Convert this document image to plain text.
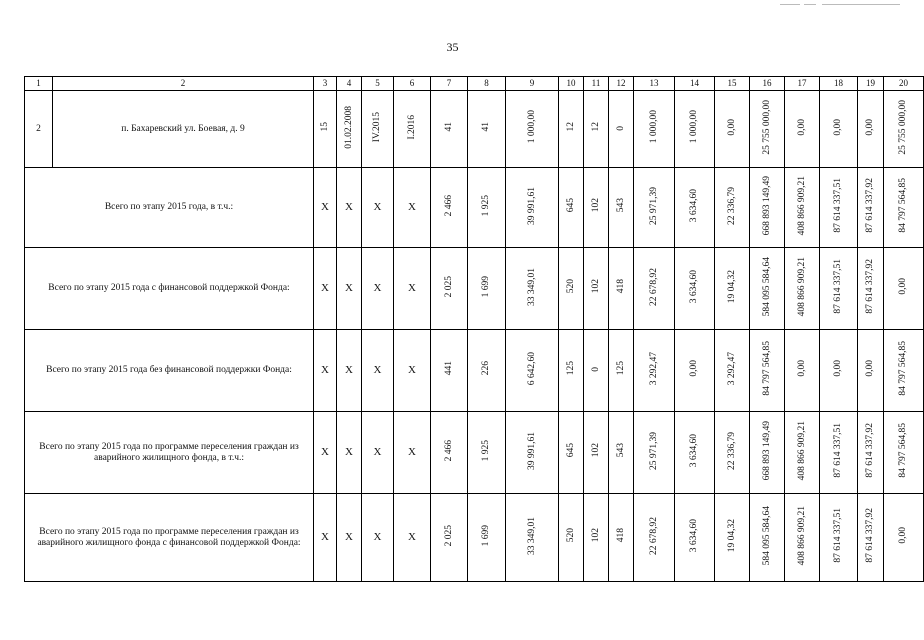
35
1	2	3	4	5	6	7	8	9	10	11	12	13	14	15	16	17	18	19	20
2	п. Бахаревский ул. Боевая, д. 9	15	01.02.2008	IV.2015	I.2016	41	41	1 000,00	12	12	0	1 000,00	1 000,00	0,00	25 755 000,00	0,00	0,00	0,00	25 755 000,00
Всего по этапу 2015 года, в т.ч.:		Х	Х	Х	Х	2 466	1 925	39 991,61	645	102	543	25 971,39	3 634,60	22 336,79	668 893 149,49	408 866 909,21	87 614 337,51	87 614 337,92	84 797 564,85
Всего по этапу 2015 года с финансовой поддержкой Фонда:		Х	Х	Х	Х	2 025	1 699	33 349,01	520	102	418	22 678,92	3 634,60	19 04,32	584 095 584,64	408 866 909,21	87 614 337,51	87 614 337,92	0,00
Всего по этапу 2015 года без финансовой поддержки Фонда:		Х	Х	Х	Х	441	226	6 642,60	125	0	125	3 292,47	0,00	3 292,47	84 797 564,85	0,00	0,00	0,00	84 797 564,85
Всего по этапу 2015 года по программе переселения граждан из аварийного жилищного фонда, в т.ч.:		Х	Х	Х	Х	2 466	1 925	39 991,61	645	102	543	25 971,39	3 634,60	22 336,79	668 893 149,49	408 866 909,21	87 614 337,51	87 614 337,92	84 797 564,85
Всего по этапу 2015 года по программе переселения граждан из аварийного жилищного фонда с финансовой поддержкой Фонда:		Х	Х	Х	Х	2 025	1 699	33 349,01	520	102	418	22 678,92	3 634,60	19 04,32	584 095 584,64	408 866 909,21	87 614 337,51	87 614 337,92	0,00
